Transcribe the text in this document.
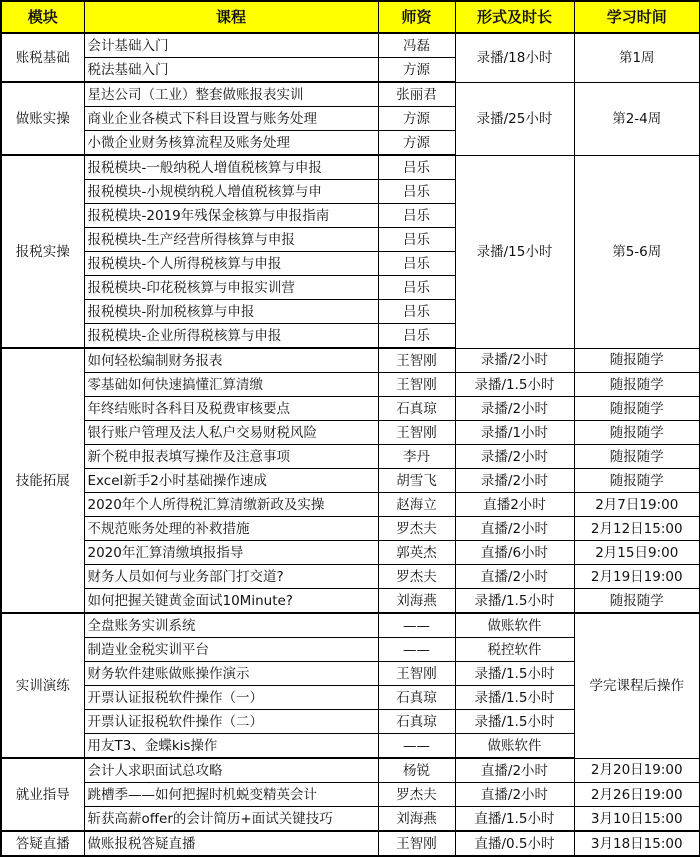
模块	课程	师资	形式及时长	学习时间
账税基础	会计基础入门	冯磊	录播/18小时	第1周
	税法基础入门	方源		
做账实操	星达公司（工业）整套做账报表实训	张丽君	录播/25小时	第2-4周
	商业企业各模式下科目设置与账务处理	方源		
	小微企业财务核算流程及账务处理	方源		
报税实操	报税模块-一般纳税人增值税核算与申报	吕乐	录播/15小时	第5-6周
	报税模块-小规模纳税人增值税核算与申	吕乐		
	报税模块-2019年残保金核算与申报指南	吕乐		
	报税模块-生产经营所得核算与申报	吕乐		
	报税模块-个人所得税核算与申报	吕乐		
	报税模块-印花税核算与申报实训营	吕乐		
	报税模块-附加税核算与申报	吕乐		
	报税模块-企业所得税核算与申报	吕乐		
技能拓展	如何轻松编制财务报表	王智刚	录播/2小时	随报随学
	零基础如何快速搞懂汇算清缴	王智刚	录播/1.5小时	随报随学
	年终结账时各科目及税费审核要点	石真琼	录播/2小时	随报随学
	银行账户管理及法人私户交易财税风险	王智刚	录播/1小时	随报随学
	新个税申报表填写操作及注意事项	李丹	录播/2小时	随报随学
	Excel新手2小时基础操作速成	胡雪飞	录播/2小时	随报随学
	2020年个人所得税汇算清缴新政及实操	赵海立	直播2小时	2月7日19:00
	不规范账务处理的补救措施	罗杰夫	直播/2小时	2月12日15:00
	2020年汇算清缴填报指导	郭英杰	直播/6小时	2月15日9:00
	财务人员如何与业务部门打交道?	罗杰夫	直播/2小时	2月19日19:00
	如何把握关键黄金面试10Minute?	刘海燕	录播/1.5小时	随报随学
实训演练	全盘账务实训系统	——	做账软件	学完课程后操作
	制造业金税实训平台	——	税控软件	
	财务软件建账做账操作演示	王智刚	录播/1.5小时	
	开票认证报税软件操作（一）	石真琼	录播/1.5小时	
	开票认证报税软件操作（二）	石真琼	录播/1.5小时	
	用友T3、金蝶kis操作	——	做账软件	
就业指导	会计人求职面试总攻略	杨锐	直播/2小时	2月20日19:00
	跳槽季——如何把握时机蜕变精英会计	罗杰夫	直播/2小时	2月26日19:00
	斩获高薪offer的会计简历+面试关键技巧	刘海燕	直播/1.5小时	3月10日15:00
答疑直播	做账报税答疑直播	王智刚	直播/0.5小时	3月18日15:00
